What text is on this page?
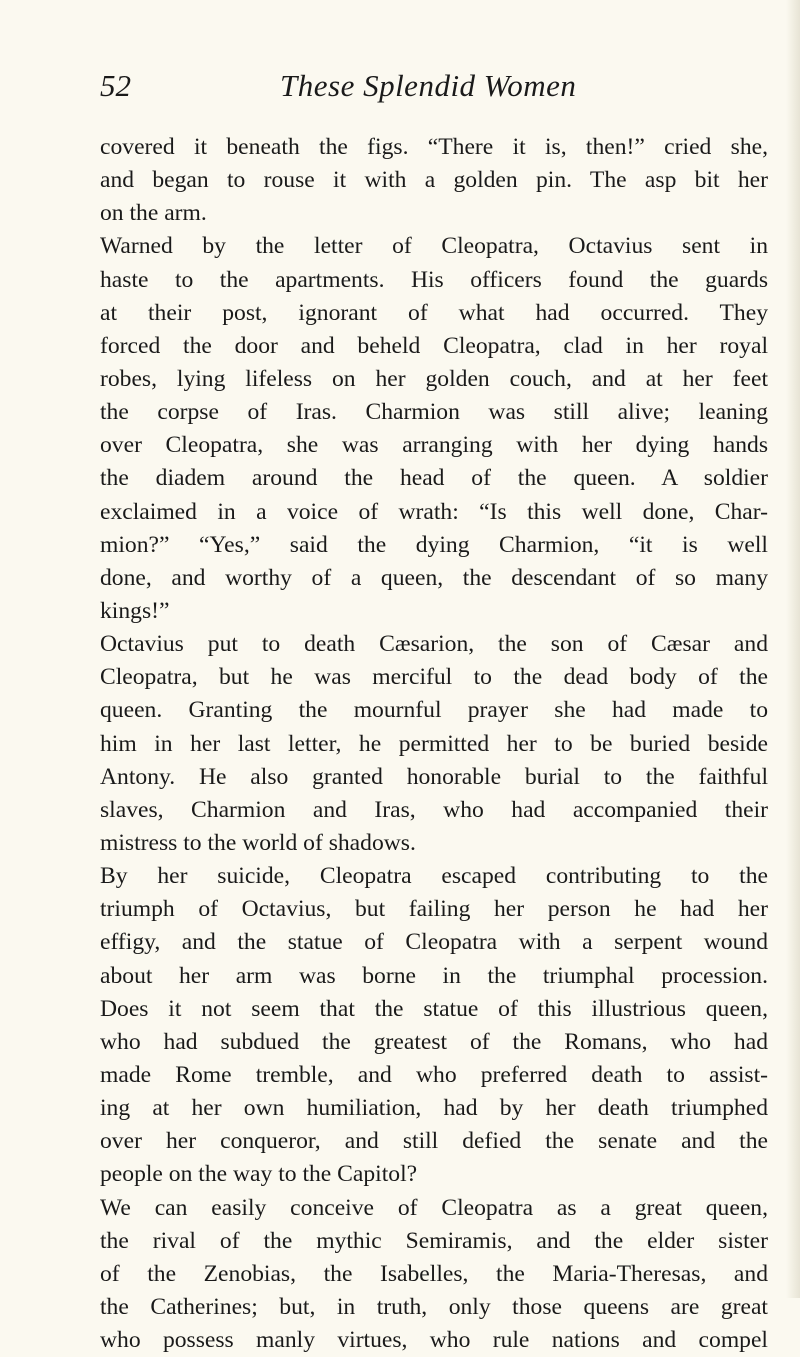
52	These Splendid Women
covered it beneath the figs. “There it is, then!” cried she,
and began to rouse it with a golden pin. The asp bit her
on the arm.
Warned by the letter of Cleopatra, Octavius sent in
haste to the apartments. His officers found the guards
at their post, ignorant of what had occurred. They
forced the door and beheld Cleopatra, clad in her royal
robes, lying lifeless on her golden couch, and at her feet
the corpse of Iras. Charmion was still alive; leaning
over Cleopatra, she was arranging with her dying hands
the diadem around the head of the queen. A soldier
exclaimed in a voice of wrath: “Is this well done, Char-
mion?” “Yes,” said the dying Charmion, “it is well
done, and worthy of a queen, the descendant of so many
kings!”
Octavius put to death Cæsarion, the son of Cæsar and
Cleopatra, but he was merciful to the dead body of the
queen. Granting the mournful prayer she had made to
him in her last letter, he permitted her to be buried beside
Antony. He also granted honorable burial to the faithful
slaves, Charmion and Iras, who had accompanied their
mistress to the world of shadows.
By her suicide, Cleopatra escaped contributing to the
triumph of Octavius, but failing her person he had her
effigy, and the statue of Cleopatra with a serpent wound
about her arm was borne in the triumphal procession.
Does it not seem that the statue of this illustrious queen,
who had subdued the greatest of the Romans, who had
made Rome tremble, and who preferred death to assist-
ing at her own humiliation, had by her death triumphed
over her conqueror, and still defied the senate and the
people on the way to the Capitol?
We can easily conceive of Cleopatra as a great queen,
the rival of the mythic Semiramis, and the elder sister
of the Zenobias, the Isabelles, the Maria-Theresas, and
the Catherines; but, in truth, only those queens are great
who possess manly virtues, who rule nations and compel
